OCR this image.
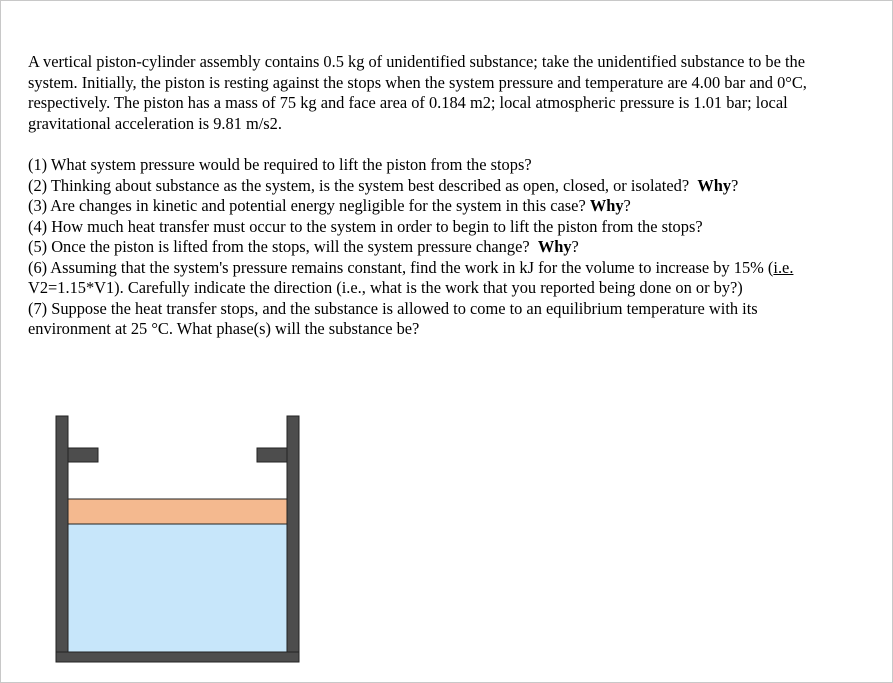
A vertical piston-cylinder assembly contains 0.5 kg of unidentified substance; take the unidentified substance to be the system. Initially, the piston is resting against the stops when the system pressure and temperature are 4.00 bar and 0°C, respectively. The piston has a mass of 75 kg and face area of 0.184 m2; local atmospheric pressure is 1.01 bar; local gravitational acceleration is 9.81 m/s2.

(1) What system pressure would be required to lift the piston from the stops?
(2) Thinking about substance as the system, is the system best described as open, closed, or isolated? Why?
(3) Are changes in kinetic and potential energy negligible for the system in this case? Why?
(4) How much heat transfer must occur to the system in order to begin to lift the piston from the stops?
(5) Once the piston is lifted from the stops, will the system pressure change? Why?
(6) Assuming that the system's pressure remains constant, find the work in kJ for the volume to increase by 15% (i.e. V2=1.15*V1). Carefully indicate the direction (i.e., what is the work that you reported being done on or by?)
(7) Suppose the heat transfer stops, and the substance is allowed to come to an equilibrium temperature with its environment at 25 °C. What phase(s) will the substance be?
